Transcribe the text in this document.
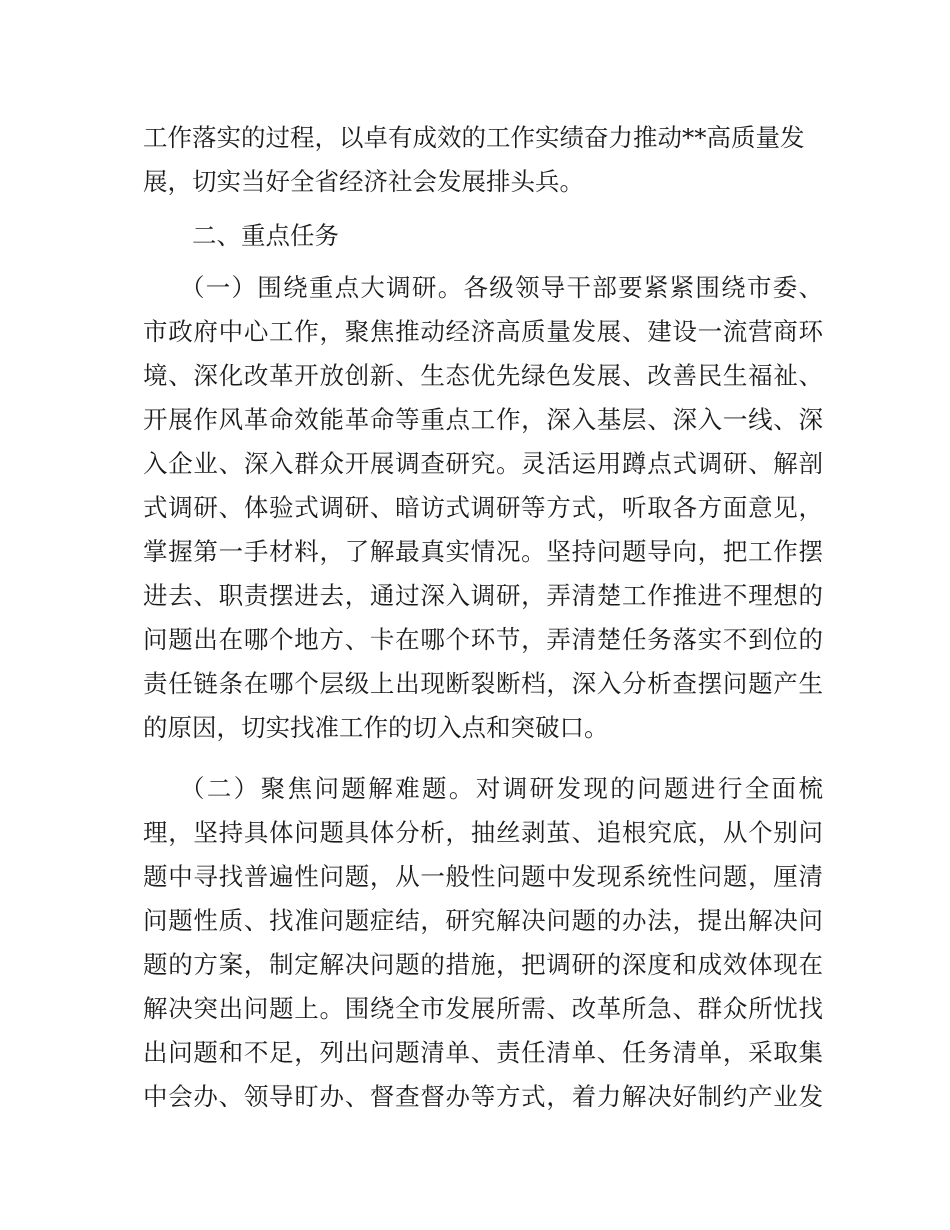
工作落实的过程，以卓有成效的工作实绩奋力推动**高质量发
展，切实当好全省经济社会发展排头兵。
二、重点任务
（一）围绕重点大调研。各级领导干部要紧紧围绕市委、
市政府中心工作，聚焦推动经济高质量发展、建设一流营商环
境、深化改革开放创新、生态优先绿色发展、改善民生福祉、
开展作风革命效能革命等重点工作，深入基层、深入一线、深
入企业、深入群众开展调查研究。灵活运用蹲点式调研、解剖
式调研、体验式调研、暗访式调研等方式，听取各方面意见，
掌握第一手材料，了解最真实情况。坚持问题导向，把工作摆
进去、职责摆进去，通过深入调研，弄清楚工作推进不理想的
问题出在哪个地方、卡在哪个环节，弄清楚任务落实不到位的
责任链条在哪个层级上出现断裂断档，深入分析查摆问题产生
的原因，切实找准工作的切入点和突破口。
（二）聚焦问题解难题。对调研发现的问题进行全面梳
理，坚持具体问题具体分析，抽丝剥茧、追根究底，从个别问
题中寻找普遍性问题，从一般性问题中发现系统性问题，厘清
问题性质、找准问题症结，研究解决问题的办法，提出解决问
题的方案，制定解决问题的措施，把调研的深度和成效体现在
解决突出问题上。围绕全市发展所需、改革所急、群众所忧找
出问题和不足，列出问题清单、责任清单、任务清单，采取集
中会办、领导盯办、督查督办等方式，着力解决好制约产业发
